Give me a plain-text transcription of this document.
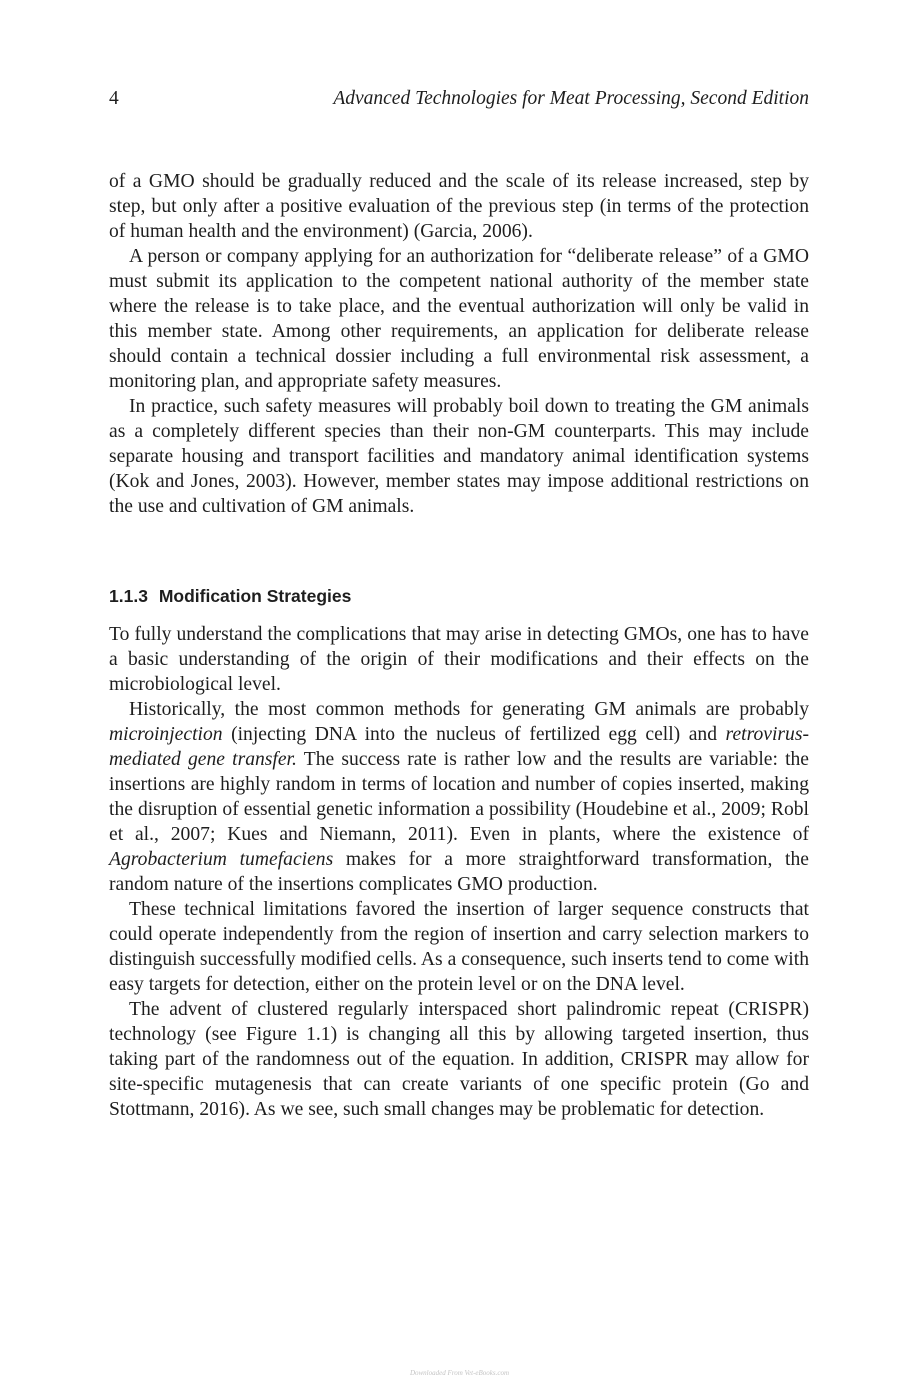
4	Advanced Technologies for Meat Processing, Second Edition

of a GMO should be gradually reduced and the scale of its release increased, step by step, but only after a positive evaluation of the previous step (in terms of the protection of human health and the environment) (Garcia, 2006).

A person or company applying for an authorization for “deliberate release” of a GMO must submit its application to the competent national authority of the member state where the release is to take place, and the eventual authorization will only be valid in this member state. Among other requirements, an application for deliberate release should contain a technical dossier including a full environmental risk assessment, a monitoring plan, and appropriate safety measures.

In practice, such safety measures will probably boil down to treating the GM animals as a completely different species than their non-GM counterparts. This may include separate housing and transport facilities and mandatory animal identification systems (Kok and Jones, 2003). However, member states may impose additional restrictions on the use and cultivation of GM animals.

1.1.3 Modification Strategies

To fully understand the complications that may arise in detecting GMOs, one has to have a basic understanding of the origin of their modifications and their effects on the microbiological level.

Historically, the most common methods for generating GM animals are probably microinjection (injecting DNA into the nucleus of fertilized egg cell) and retrovirus-mediated gene transfer. The success rate is rather low and the results are variable: the insertions are highly random in terms of location and number of copies inserted, making the disruption of essential genetic information a possibility (Houdebine et al., 2009; Robl et al., 2007; Kues and Niemann, 2011). Even in plants, where the existence of Agrobacterium tumefaciens makes for a more straightforward transformation, the random nature of the insertions complicates GMO production.

These technical limitations favored the insertion of larger sequence constructs that could operate independently from the region of insertion and carry selection markers to distinguish successfully modified cells. As a consequence, such inserts tend to come with easy targets for detection, either on the protein level or on the DNA level.

The advent of clustered regularly interspaced short palindromic repeat (CRISPR) technology (see Figure 1.1) is changing all this by allowing targeted insertion, thus taking part of the randomness out of the equation. In addition, CRISPR may allow for site-specific mutagenesis that can create variants of one specific protein (Go and Stottmann, 2016). As we see, such small changes may be problematic for detection.

Downloaded From Vet-eBooks.com
